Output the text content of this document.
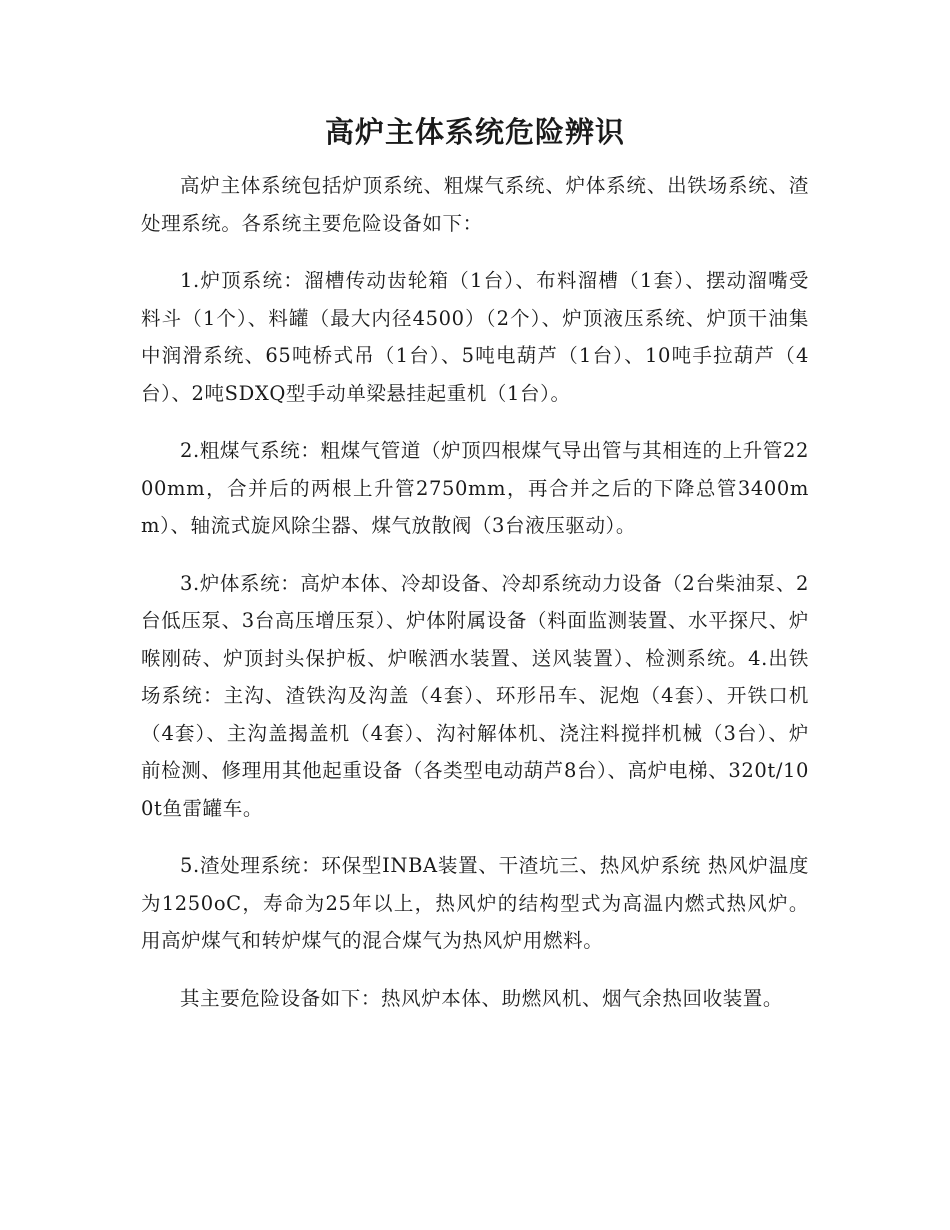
高炉主体系统危险辨识

高炉主体系统包括炉顶系统、粗煤气系统、炉体系统、出铁场系统、渣处理系统。各系统主要危险设备如下：

1.炉顶系统：溜槽传动齿轮箱（1台）、布料溜槽（1套）、摆动溜嘴受料斗（1个）、料罐（最大内径4500）（2个）、炉顶液压系统、炉顶干油集中润滑系统、65吨桥式吊（1台）、5吨电葫芦（1台）、10吨手拉葫芦（4台）、2吨SDXQ型手动单梁悬挂起重机（1台）。

2.粗煤气系统：粗煤气管道（炉顶四根煤气导出管与其相连的上升管2200mm，合并后的两根上升管2750mm，再合并之后的下降总管3400mm）、轴流式旋风除尘器、煤气放散阀（3台液压驱动）。

3.炉体系统：高炉本体、冷却设备、冷却系统动力设备（2台柴油泵、2台低压泵、3台高压增压泵）、炉体附属设备（料面监测装置、水平探尺、炉喉刚砖、炉顶封头保护板、炉喉洒水装置、送风装置）、检测系统。4.出铁场系统：主沟、渣铁沟及沟盖（4套）、环形吊车、泥炮（4套）、开铁口机（4套）、主沟盖揭盖机（4套）、沟衬解体机、浇注料搅拌机械（3台）、炉前检测、修理用其他起重设备（各类型电动葫芦8台）、高炉电梯、320t/100t鱼雷罐车。

5.渣处理系统：环保型INBA装置、干渣坑三、热风炉系统 热风炉温度为1250oC，寿命为25年以上，热风炉的结构型式为高温内燃式热风炉。用高炉煤气和转炉煤气的混合煤气为热风炉用燃料。

其主要危险设备如下：热风炉本体、助燃风机、烟气余热回收装置。
